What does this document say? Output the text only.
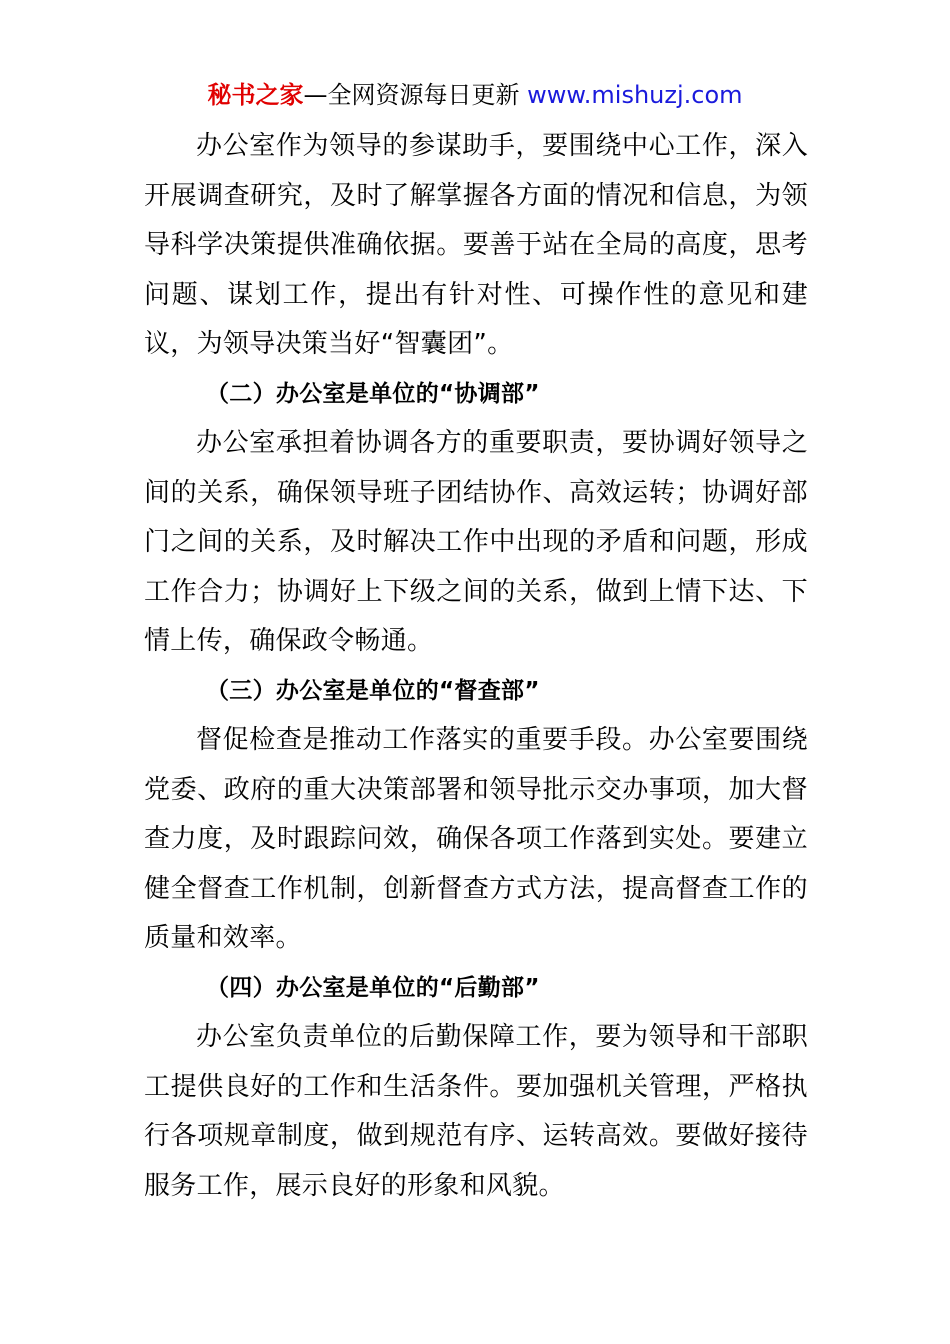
秘书之家—全网资源每日更新 www.mishuzj.com

办公室作为领导的参谋助手，要围绕中心工作，深入开展调查研究，及时了解掌握各方面的情况和信息，为领导科学决策提供准确依据。要善于站在全局的高度，思考问题、谋划工作，提出有针对性、可操作性的意见和建议，为领导决策当好“智囊团”。

（二）办公室是单位的“协调部”

办公室承担着协调各方的重要职责，要协调好领导之间的关系，确保领导班子团结协作、高效运转；协调好部门之间的关系，及时解决工作中出现的矛盾和问题，形成工作合力；协调好上下级之间的关系，做到上情下达、下情上传，确保政令畅通。

（三）办公室是单位的“督查部”

督促检查是推动工作落实的重要手段。办公室要围绕党委、政府的重大决策部署和领导批示交办事项，加大督查力度，及时跟踪问效，确保各项工作落到实处。要建立健全督查工作机制，创新督查方式方法，提高督查工作的质量和效率。

（四）办公室是单位的“后勤部”

办公室负责单位的后勤保障工作，要为领导和干部职工提供良好的工作和生活条件。要加强机关管理，严格执行各项规章制度，做到规范有序、运转高效。要做好接待服务工作，展示良好的形象和风貌。
